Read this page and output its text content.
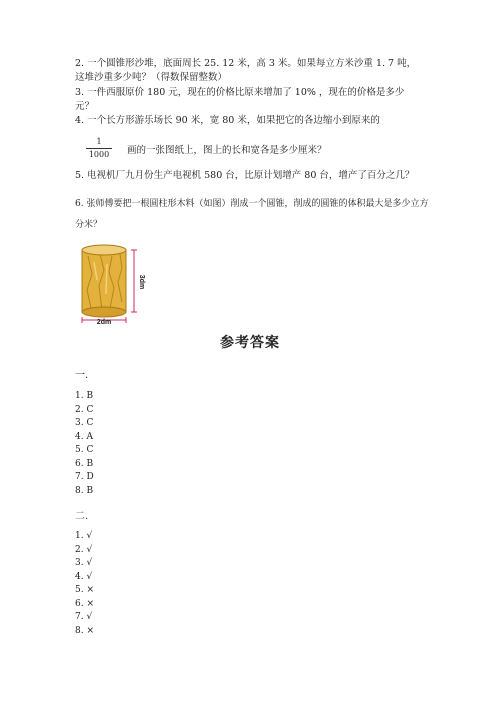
2. 一个圆锥形沙堆，底面周长 25. 12 米，高 3 米。如果每立方米沙重 1. 7 吨，
这堆沙重多少吨？（得数保留整数）
3. 一件西服原价 180 元，现在的价格比原来增加了 10% ，现在的价格是多少
元？
4. 一个长方形游乐场长 90 米，宽 80 米，如果把它的各边缩小到原来的
1
1000 画的一张图纸上，图上的长和宽各是多少厘米？
5. 电视机厂九月份生产电视机 580 台，比原计划增产 80 台，增产了百分之几？
6. 张师傅要把一根圆柱形木料（如图）削成一个圆锥，削成的圆锥的体积最大是多少立方
分米？
3dm
2dm
参考答案
一.
1. B
2. C
3. C
4. A
5. C
6. B
7. D
8. B
二.
1. √
2. √
3. √
4. √
5. ×
6. ×
7. √
8. ×
